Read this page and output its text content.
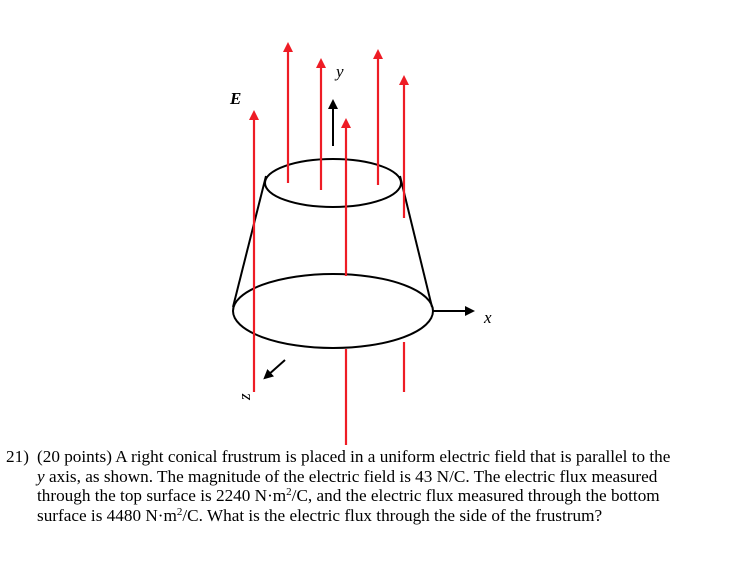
E
y
x
z
21) (20 points) A right conical frustrum is placed in a uniform electric field that is parallel to the
y axis, as shown. The magnitude of the electric field is 43 N/C. The electric flux measured
through the top surface is 2240 $N\cdot m^2/C$, and the electric flux measured through the bottom
surface is 4480 $N\cdot m^2/C$. What is the electric flux through the side of the frustrum?
